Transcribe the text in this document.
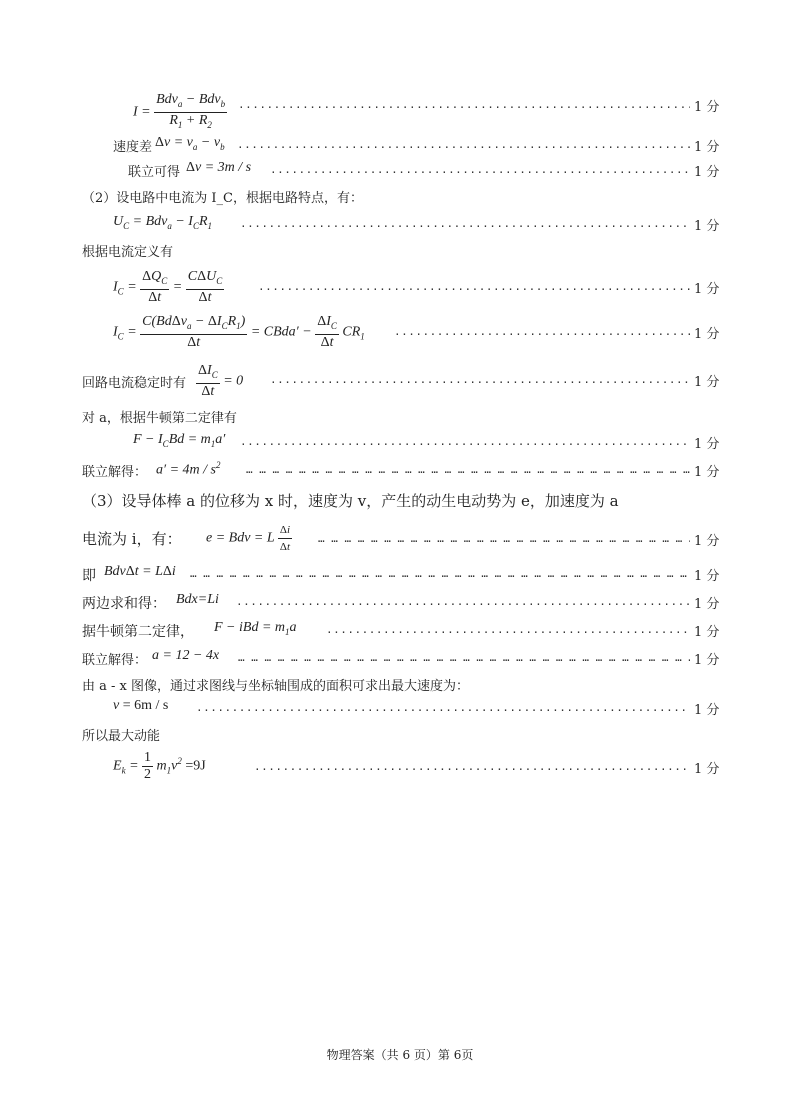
$I = \frac{Bdv_a - Bdv_b}{R_1 + R_2}$ .....	1 分
速度差 $\Delta v = v_a - v_b$ .....	1 分
联立可得 Δv = 3m / s .....	1 分
（2）设电路中电流为 I_C，根据电路特点，有：
$U_C = Bdv_a - I_CR_1$ .....	1 分
根据电流定义有
$I_C = \frac{\Delta Q_C}{\Delta t} = \frac{C\Delta U_C}{\Delta t}$ .....	1 分
$I_C = \frac{C(Bd\Delta v_a - \Delta I_CR_1)}{\Delta t}$ = CBda′ − $\frac{\Delta I_C}{\Delta t} CR_1$ .....	1 分
回路电流稳定时有 $\frac{\Delta I_C}{\Delta t} = 0$ .....	1 分
对 a，根据牛顿第二定律有
$F - I_CBd = m_1a'$ .....	1 分
联立解得： $a' = 4m / s^2$ … … … … … … … … … … … … … … … … … … … … … … … … … … … … … … … … … … … … … … … … … … … … … … …	1 分
（3）设导体棒 a 的位移为 x 时，速度为 v，产生的动生电动势为 e，加速度为 a
电流为 i，有： e = Bdv = L $\frac{\Delta i}{\Delta t}$ … … … … … … … … … … … … … … … … … … … … … … … … … … … … … … … … … … … … … … … … … … … … … … …	1 分
即 BdvΔt = LΔi … … … … … … … … … … … … … … … … … … … … … … … … … … … … … … … … … … … … … … … … … … … … … … …	1 分
两边求和得： Bdx=Li .....	1 分
据牛顿第二定律， F − iBd = $m_1a$ .....	1 分
联立解得： a = 12 − 4x … … … … … … … … … … … … … … … … … … … … … … … … … … … … … … … … … … … … … … … … … … … … … … …	1 分
由 a - x 图像，通过求图线与坐标轴围成的面积可求出最大速度为：
v = 6m / s .....	1 分
所以最大动能
$E_k = \frac{1}{2} m_1v^2 =9J$ .....	1 分
物理答案（共 6 页）第 6页
